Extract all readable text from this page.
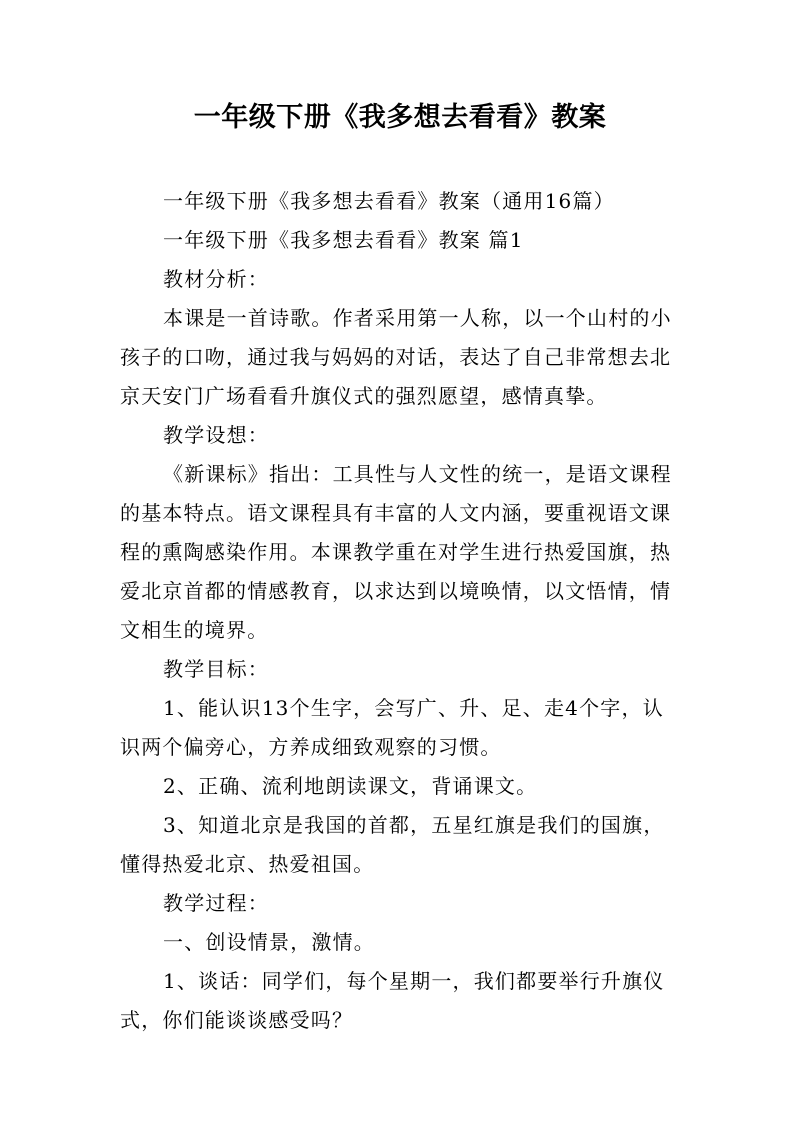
一年级下册《我多想去看看》教案

一年级下册《我多想去看看》教案（通用16篇）

一年级下册《我多想去看看》教案 篇1

教材分析：

本课是一首诗歌。作者采用第一人称，以一个山村的小孩子的口吻，通过我与妈妈的对话，表达了自己非常想去北京天安门广场看看升旗仪式的强烈愿望，感情真挚。

教学设想：

《新课标》指出：工具性与人文性的统一，是语文课程的基本特点。语文课程具有丰富的人文内涵，要重视语文课程的熏陶感染作用。本课教学重在对学生进行热爱国旗，热爱北京首都的情感教育，以求达到以境唤情，以文悟情，情文相生的境界。

教学目标：

1、能认识13个生字，会写广、升、足、走4个字，认识两个偏旁心，方养成细致观察的习惯。

2、正确、流利地朗读课文，背诵课文。

3、知道北京是我国的首都，五星红旗是我们的国旗，懂得热爱北京、热爱祖国。

教学过程：

一、创设情景，激情。

1、谈话：同学们，每个星期一，我们都要举行升旗仪式，你们能谈谈感受吗？
